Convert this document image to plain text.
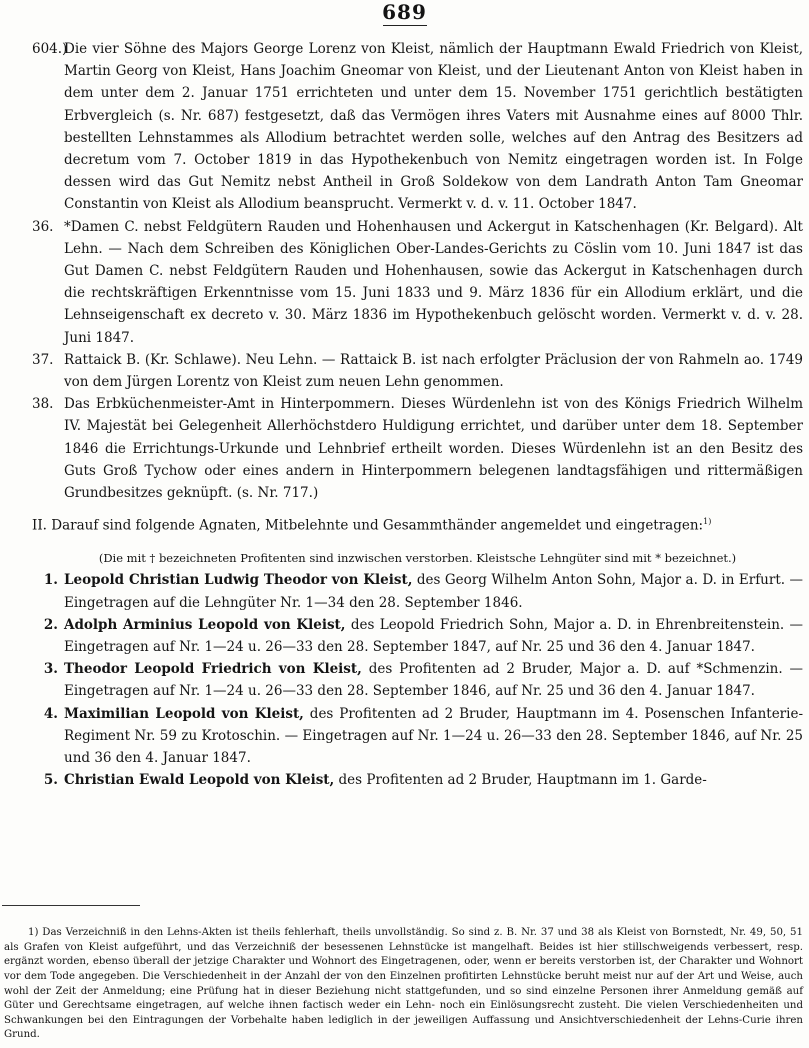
689

604.)
Die vier Söhne des Majors George Lorenz von Kleist, nämlich der Hauptmann Ewald Friedrich von Kleist, Martin Georg von Kleist, Hans Joachim Gneomar von Kleist, und der Lieutenant Anton von Kleist haben in dem unter dem 2. Januar 1751 errichteten und unter dem 15. November 1751 gerichtlich bestätigten Erbvergleich (s. Nr. 687) festgesetzt, daß das Vermögen ihres Vaters mit Ausnahme eines auf 8000 Thlr. bestellten Lehnstammes als Allodium betrachtet werden solle, welches auf den Antrag des Besitzers ad decretum vom 7. October 1819 in das Hypothekenbuch von Nemitz eingetragen worden ist. In Folge dessen wird das Gut Nemitz nebst Antheil in Groß Soldekow von dem Landrath Anton Tam Gneomar Constantin von Kleist als Allodium beansprucht. Vermerkt v. d. v. 11. October 1847.

36. *Damen C. nebst Feldgütern Rauden und Hohenhausen und Ackergut in Katschenhagen (Kr. Belgard). Alt Lehn. — Nach dem Schreiben des Königlichen Ober-Landes-Gerichts zu Cöslin vom 10. Juni 1847 ist das Gut Damen C. nebst Feldgütern Rauden und Hohenhausen, sowie das Ackergut in Katschenhagen durch die rechtskräftigen Erkenntnisse vom 15. Juni 1833 und 9. März 1836 für ein Allodium erklärt, und die Lehnseigenschaft ex decreto v. 30. März 1836 im Hypothekenbuch gelöscht worden. Vermerkt v. d. v. 28. Juni 1847.

37. Rattaick B. (Kr. Schlawe). Neu Lehn. — Rattaick B. ist nach erfolgter Präclusion der von Rahmeln ao. 1749 von dem Jürgen Lorentz von Kleist zum neuen Lehn genommen.

38. Das Erbküchenmeister-Amt in Hinterpommern. Dieses Würdenlehn ist von des Königs Friedrich Wilhelm IV. Majestät bei Gelegenheit Allerhöchstdero Huldigung errichtet, und darüber unter dem 18. September 1846 die Errichtungs-Urkunde und Lehnbrief ertheilt worden. Dieses Würdenlehn ist an den Besitz des Guts Groß Tychow oder eines andern in Hinterpommern belegenen landtagsfähigen und rittermäßigen Grundbesitzes geknüpft. (s. Nr. 717.)

II. Darauf sind folgende Agnaten, Mitbelehnte und Gesammthänder angemeldet und eingetragen:$^{1)}$

(Die mit † bezeichneten Profitenten sind inzwischen verstorben. Kleistsche Lehngüter sind mit * bezeichnet.)

1. Leopold Christian Ludwig Theodor von Kleist, des Georg Wilhelm Anton Sohn, Major a. D. in Erfurt. — Eingetragen auf die Lehngüter Nr. 1—34 den 28. September 1846.

2. Adolph Arminius Leopold von Kleist, des Leopold Friedrich Sohn, Major a. D. in Ehrenbreitenstein. — Eingetragen auf Nr. 1—24 u. 26—33 den 28. September 1847, auf Nr. 25 und 36 den 4. Januar 1847.

3. Theodor Leopold Friedrich von Kleist, des Profitenten ad 2 Bruder, Major a. D. auf *Schmenzin. — Eingetragen auf Nr. 1—24 u. 26—33 den 28. September 1846, auf Nr. 25 und 36 den 4. Januar 1847.

4. Maximilian Leopold von Kleist, des Profitenten ad 2 Bruder, Hauptmann im 4. Posenschen Infanterie-Regiment Nr. 59 zu Krotoschin. — Eingetragen auf Nr. 1—24 u. 26—33 den 28. September 1846, auf Nr. 25 und 36 den 4. Januar 1847.

5. Christian Ewald Leopold von Kleist, des Profitenten ad 2 Bruder, Hauptmann im 1. Garde-

1) Das Verzeichniß in den Lehns-Akten ist theils fehlerhaft, theils unvollständig. So sind z. B. Nr. 37 und 38 als Kleist von Bornstedt, Nr. 49, 50, 51 als Grafen von Kleist aufgeführt, und das Verzeichniß der besessenen Lehnstücke ist mangelhaft. Beides ist hier stillschweigends verbessert, resp. ergänzt worden, ebenso überall der jetzige Charakter und Wohnort des Eingetragenen, oder, wenn er bereits verstorben ist, der Charakter und Wohnort vor dem Tode angegeben. Die Verschiedenheit in der Anzahl der von den Einzelnen profitirten Lehnstücke beruht meist nur auf der Art und Weise, auch wohl der Zeit der Anmeldung; eine Prüfung hat in dieser Beziehung nicht stattgefunden, und so sind einzelne Personen ihrer Anmeldung gemäß auf Güter und Gerechtsame eingetragen, auf welche ihnen factisch weder ein Lehn- noch ein Einlösungsrecht zusteht. Die vielen Verschiedenheiten und Schwankungen bei den Eintragungen der Vorbehalte haben lediglich in der jeweiligen Auffassung und Ansichtverschiedenheit der Lehns-Curie ihren Grund.
